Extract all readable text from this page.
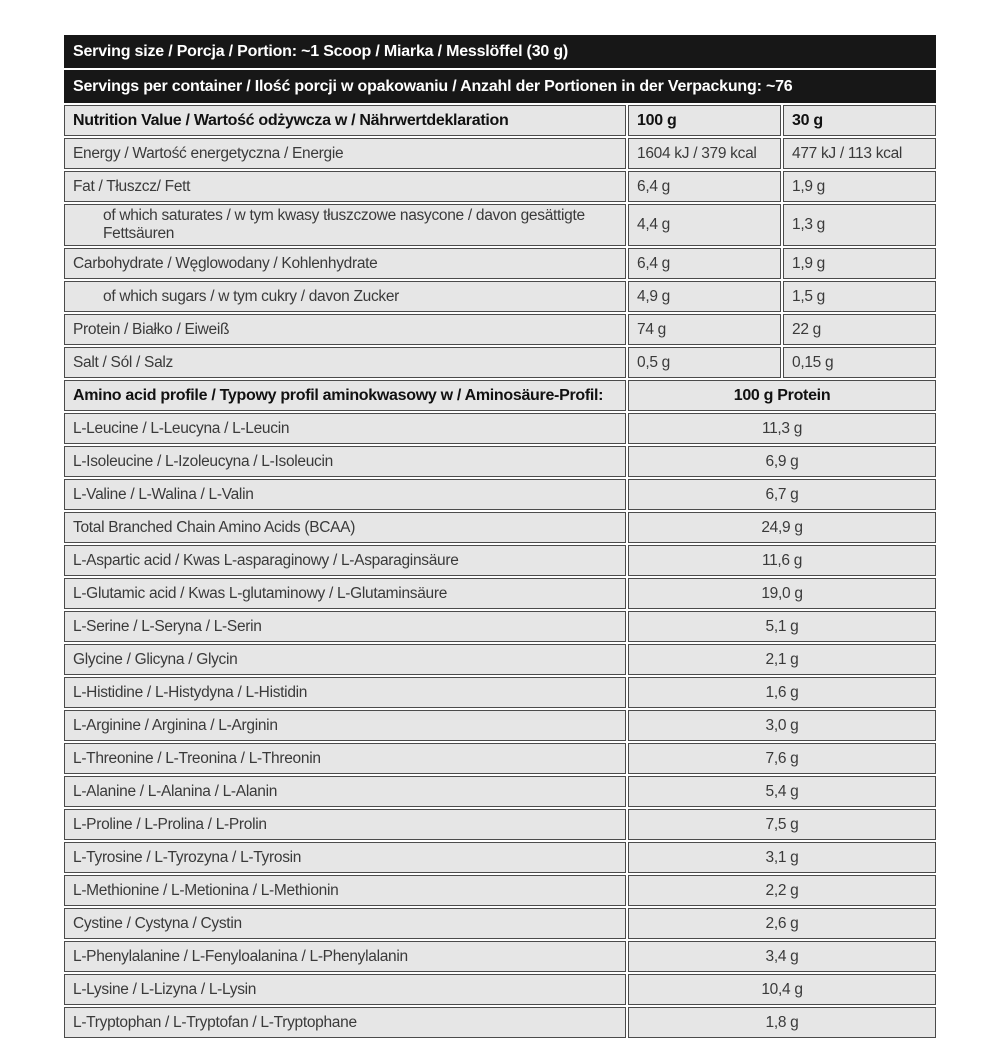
Serving size / Porcja / Portion: ~1 Scoop / Miarka / Messlöffel (30 g)		
Servings per container / Ilość porcji w opakowaniu / Anzahl der Portionen in der Verpackung: ~76		
Nutrition Value / Wartość odżywcza w / Nährwertdeklaration	100 g	30 g
Energy / Wartość energetyczna / Energie	1604 kJ / 379 kcal	477 kJ / 113 kcal
Fat / Tłuszcz/ Fett	6,4 g	1,9 g
of which saturates / w tym kwasy tłuszczowe nasycone / davon gesättigte Fettsäuren	4,4 g	1,3 g
Carbohydrate / Węglowodany / Kohlenhydrate	6,4 g	1,9 g
of which sugars / w tym cukry / davon Zucker	4,9 g	1,5 g
Protein / Białko / Eiweiß	74 g	22 g
Salt / Sól / Salz	0,5 g	0,15 g
Amino acid profile / Typowy profil aminokwasowy w / Aminosäure-Profil:	100 g Protein	
L-Leucine / L-Leucyna / L-Leucin	11,3 g	
L-Isoleucine / L-Izoleucyna / L-Isoleucin	6,9 g	
L-Valine / L-Walina / L-Valin	6,7 g	
Total Branched Chain Amino Acids (BCAA)	24,9 g	
L-Aspartic acid / Kwas L-asparaginowy / L-Asparaginsäure	11,6 g	
L-Glutamic acid / Kwas L-glutaminowy / L-Glutaminsäure	19,0 g	
L-Serine / L-Seryna / L-Serin	5,1 g	
Glycine / Glicyna / Glycin	2,1 g	
L-Histidine / L-Histydyna / L-Histidin	1,6 g	
L-Arginine / Arginina / L-Arginin	3,0 g	
L-Threonine / L-Treonina / L-Threonin	7,6 g	
L-Alanine / L-Alanina / L-Alanin	5,4 g	
L-Proline / L-Prolina / L-Prolin	7,5 g	
L-Tyrosine / L-Tyrozyna / L-Tyrosin	3,1 g	
L-Methionine / L-Metionina / L-Methionin	2,2 g	
Cystine / Cystyna / Cystin	2,6 g	
L-Phenylalanine / L-Fenyloalanina / L-Phenylalanin	3,4 g	
L-Lysine / L-Lizyna / L-Lysin	10,4 g	
L-Tryptophan / L-Tryptofan / L-Tryptophane	1,8 g	
